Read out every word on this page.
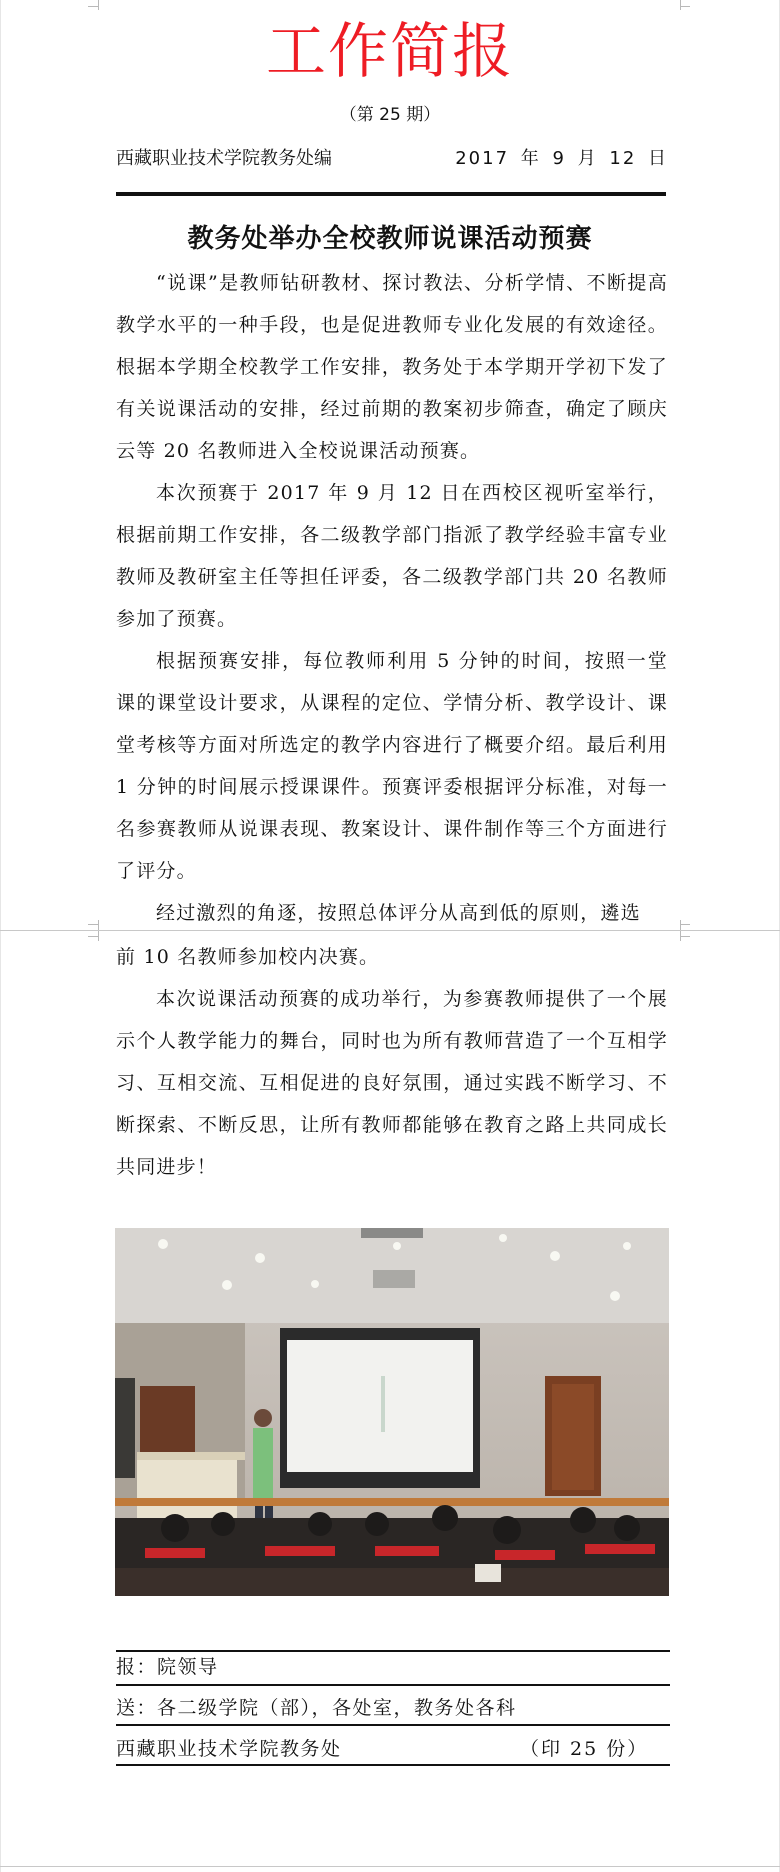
工作简报
（第 25 期）
西藏职业技术学院教务处编	2017 年 9 月 12 日
教务处举办全校教师说课活动预赛

“说课”是教师钻研教材、探讨教法、分析学情、不断提高教学水平的一种手段，也是促进教师专业化发展的有效途径。根据本学期全校教学工作安排，教务处于本学期开学初下发了有关说课活动的安排，经过前期的教案初步筛查，确定了顾庆云等 20 名教师进入全校说课活动预赛。

本次预赛于 2017 年 9 月 12 日在西校区视听室举行，根据前期工作安排，各二级教学部门指派了教学经验丰富专业教师及教研室主任等担任评委，各二级教学部门共 20 名教师参加了预赛。

根据预赛安排，每位教师利用 5 分钟的时间，按照一堂课的课堂设计要求，从课程的定位、学情分析、教学设计、课堂考核等方面对所选定的教学内容进行了概要介绍。最后利用 1 分钟的时间展示授课课件。预赛评委根据评分标准，对每一名参赛教师从说课表现、教案设计、课件制作等三个方面进行了评分。

经过激烈的角逐，按照总体评分从高到低的原则，遴选

前 10 名教师参加校内决赛。

本次说课活动预赛的成功举行，为参赛教师提供了一个展示个人教学能力的舞台，同时也为所有教师营造了一个互相学习、互相交流、互相促进的良好氛围，通过实践不断学习、不断探索、不断反思，让所有教师都能够在教育之路上共同成长共同进步！

报：院领导
送：各二级学院（部），各处室，教务处各科
西藏职业技术学院教务处	（印 25 份）
